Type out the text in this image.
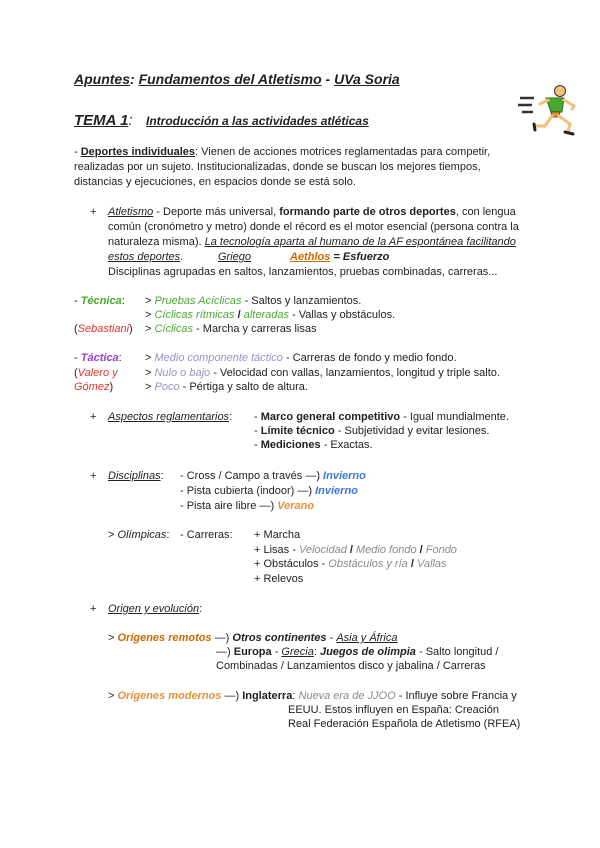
Apuntes: Fundamentos del Atletismo - UVa Soria
TEMA 1: Introducción a las actividades atléticas
- Deportes individuales: Vienen de acciones motrices reglamentadas para competir,
realizadas por un sujeto. Institucionalizadas, donde se buscan los mejores tiempos,
distancias y ejecuciones, en espacios donde se está solo.
+ Atletismo - Deporte más universal, formando parte de otros deportes, con lengua
común (cronómetro y metro) donde el récord es el motor esencial (persona contra la
naturaleza misma). La tecnología aparta al humano de la AF espontánea facilitando
estos deportes.	Griego	Aethlos = Esfuerzo
Disciplinas agrupadas en saltos, lanzamientos, pruebas combinadas, carreras...
- Técnica:
(Sebastiani)
> Pruebas Acíclicas - Saltos y lanzamientos.
> Cíclicas rítmicas / alteradas - Vallas y obstáculos.
> Cíclicas - Marcha y carreras lisas
- Táctica:
(Valero y
Gómez)
> Medio componente táctico - Carreras de fondo y medio fondo.
> Nulo o bajo - Velocidad con vallas, lanzamientos, longitud y triple salto.
> Poco - Pértiga y salto de altura.
+ Aspectos reglamentarios: - Marco general competitivo - Igual mundialmente.
- Límite técnico - Subjetividad y evitar lesiones.
- Mediciones - Exactas.
+ Disciplinas: - Cross / Campo a través —) Invierno
- Pista cubierta (indoor) —) Invierno
- Pista aire libre —) Verano
> Olímpicas: - Carreras: + Marcha
+ Lisas - Velocidad / Medio fondo / Fondo
+ Obstáculos - Obstáculos y ría / Vallas
+ Relevos
+ Origen y evolución:
> Orígenes remotos —) Otros continentes - Asia y África
—) Europa - Grecia: Juegos de olimpia - Salto longitud /
Combinadas / Lanzamientos disco y jabalina / Carreras
> Orígenes modernos —) Inglaterra: Nueva era de JJOO - Influye sobre Francia y
EEUU. Estos influyen en España: Creación
Real Federación Española de Atletismo (RFEA)
